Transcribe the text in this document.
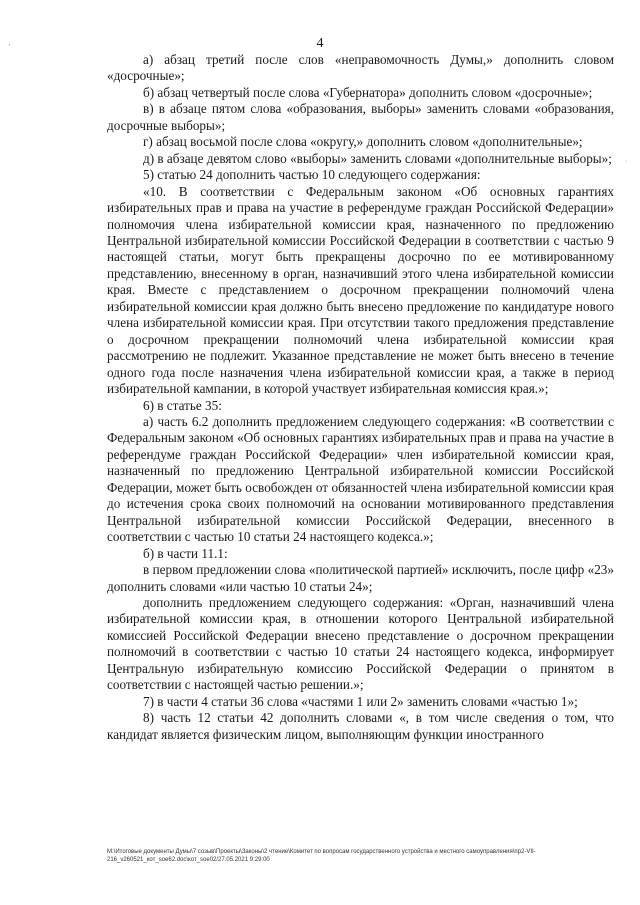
'
·
4

а) абзац третий после слов «неправомочность Думы,» дополнить словом «досрочные»;

б) абзац четвертый после слова «Губернатора» дополнить словом «досрочные»;

в) в абзаце пятом слова «образования, выборы» заменить словами «образования, досрочные выборы»;

г) абзац восьмой после слова «округу,» дополнить словом «дополнительные»;

д) в абзаце девятом слово «выборы» заменить словами «дополнительные выборы»;

5) статью 24 дополнить частью 10 следующего содержания:

«10. В соответствии с Федеральным законом «Об основных гарантиях избирательных прав и права на участие в референдуме граждан Российской Федерации» полномочия члена избирательной комиссии края, назначенного по предложению Центральной избирательной комиссии Российской Федерации в соответствии с частью 9 настоящей статьи, могут быть прекращены досрочно по ее мотивированному представлению, внесенному в орган, назначивший этого члена избирательной комиссии края. Вместе с представлением о досрочном прекращении полномочий члена избирательной комиссии края должно быть внесено предложение по кандидатуре нового члена избирательной комиссии края. При отсутствии такого предложения представление о досрочном прекращении полномочий члена избирательной комиссии края рассмотрению не подлежит. Указанное представление не может быть внесено в течение одного года после назначения члена избирательной комиссии края, а также в период избирательной кампании, в которой участвует избирательная комиссия края.»;

6) в статье 35:

а) часть 6.2 дополнить предложением следующего содержания: «В соответствии с Федеральным законом «Об основных гарантиях избирательных прав и права на участие в референдуме граждан Российской Федерации» член избирательной комиссии края, назначенный по предложению Центральной избирательной комиссии Российской Федерации, может быть освобожден от обязанностей члена избирательной комиссии края до истечения срока своих полномочий на основании мотивированного представления Центральной избирательной комиссии Российской Федерации, внесенного в соответствии с частью 10 статьи 24 настоящего кодекса.»;

б) в части 11.1:

в первом предложении слова «политической партией» исключить, после цифр «23» дополнить словами «или частью 10 статьи 24»;

дополнить предложением следующего содержания: «Орган, назначивший члена избирательной комиссии края, в отношении которого Центральной избирательной комиссией Российской Федерации внесено представление о досрочном прекращении полномочий в соответствии с частью 10 статьи 24 настоящего кодекса, информирует Центральную избирательную комиссию Российской Федерации о принятом в соответствии с настоящей частью решении.»;

7) в части 4 статьи 36 слова «частями 1 или 2» заменить словами «частью 1»;

8) часть 12 статьи 42 дополнить словами «, в том числе сведения о том, что кандидат является физическим лицом, выполняющим функции иностранного

М:\Итоговые документы Думы\7 созыв\Проекты\Законы\2 чтение\Комитет по вопросам государственного устройства и местного самоуправления\пр2-VII-
216_v260521_кот_soe62.doc\кот_soe02/27.05.2021 9:29:00
